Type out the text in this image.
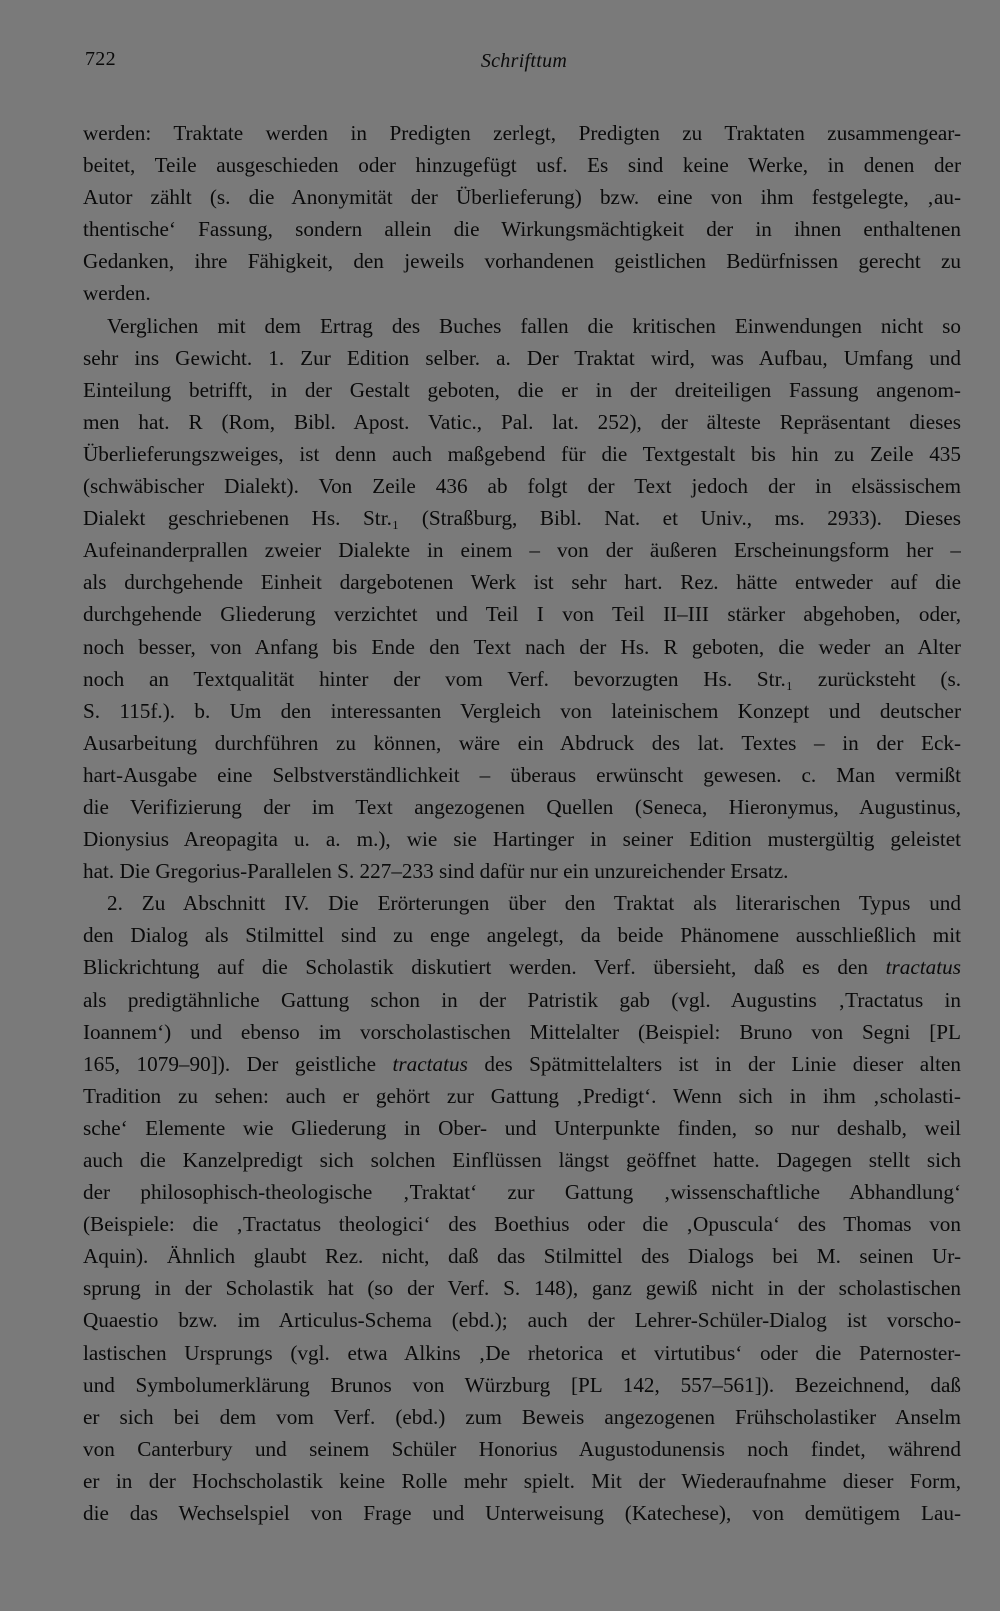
722	Schrifttum
werden: Traktate werden in Predigten zerlegt, Predigten zu Traktaten zusammengear-
beitet, Teile ausgeschieden oder hinzugefügt usf. Es sind keine Werke, in denen der
Autor zählt (s. die Anonymität der Überlieferung) bzw. eine von ihm festgelegte, ‚au-
thentische‘ Fassung, sondern allein die Wirkungsmächtigkeit der in ihnen enthaltenen
Gedanken, ihre Fähigkeit, den jeweils vorhandenen geistlichen Bedürfnissen gerecht zu
werden.
Verglichen mit dem Ertrag des Buches fallen die kritischen Einwendungen nicht so
sehr ins Gewicht. 1. Zur Edition selber. a. Der Traktat wird, was Aufbau, Umfang und
Einteilung betrifft, in der Gestalt geboten, die er in der dreiteiligen Fassung angenom-
men hat. R (Rom, Bibl. Apost. Vatic., Pal. lat. 252), der älteste Repräsentant dieses
Überlieferungszweiges, ist denn auch maßgebend für die Textgestalt bis hin zu Zeile 435
(schwäbischer Dialekt). Von Zeile 436 ab folgt der Text jedoch der in elsässischem
Dialekt geschriebenen Hs. Str.₁ (Straßburg, Bibl. Nat. et Univ., ms. 2933). Dieses
Aufeinanderprallen zweier Dialekte in einem – von der äußeren Erscheinungsform her –
als durchgehende Einheit dargebotenen Werk ist sehr hart. Rez. hätte entweder auf die
durchgehende Gliederung verzichtet und Teil I von Teil II–III stärker abgehoben, oder,
noch besser, von Anfang bis Ende den Text nach der Hs. R geboten, die weder an Alter
noch an Textqualität hinter der vom Verf. bevorzugten Hs. Str.₁ zurücksteht (s.
S. 115f.). b. Um den interessanten Vergleich von lateinischem Konzept und deutscher
Ausarbeitung durchführen zu können, wäre ein Abdruck des lat. Textes – in der Eck-
hart-Ausgabe eine Selbstverständlichkeit – überaus erwünscht gewesen. c. Man vermißt
die Verifizierung der im Text angezogenen Quellen (Seneca, Hieronymus, Augustinus,
Dionysius Areopagita u. a. m.), wie sie Hartinger in seiner Edition mustergültig geleistet
hat. Die Gregorius-Parallelen S. 227–233 sind dafür nur ein unzureichender Ersatz.
2. Zu Abschnitt IV. Die Erörterungen über den Traktat als literarischen Typus und
den Dialog als Stilmittel sind zu enge angelegt, da beide Phänomene ausschließlich mit
Blickrichtung auf die Scholastik diskutiert werden. Verf. übersieht, daß es den tractatus
als predigtähnliche Gattung schon in der Patristik gab (vgl. Augustins ‚Tractatus in
Ioannem‘) und ebenso im vorscholastischen Mittelalter (Beispiel: Bruno von Segni [PL
165, 1079–90]). Der geistliche tractatus des Spätmittelalters ist in der Linie dieser alten
Tradition zu sehen: auch er gehört zur Gattung ‚Predigt‘. Wenn sich in ihm ‚scholasti-
sche‘ Elemente wie Gliederung in Ober- und Unterpunkte finden, so nur deshalb, weil
auch die Kanzelpredigt sich solchen Einflüssen längst geöffnet hatte. Dagegen stellt sich
der philosophisch-theologische ‚Traktat‘ zur Gattung ‚wissenschaftliche Abhandlung‘
(Beispiele: die ‚Tractatus theologici‘ des Boethius oder die ‚Opuscula‘ des Thomas von
Aquin). Ähnlich glaubt Rez. nicht, daß das Stilmittel des Dialogs bei M. seinen Ur-
sprung in der Scholastik hat (so der Verf. S. 148), ganz gewiß nicht in der scholastischen
Quaestio bzw. im Articulus-Schema (ebd.); auch der Lehrer-Schüler-Dialog ist vorscho-
lastischen Ursprungs (vgl. etwa Alkins ‚De rhetorica et virtutibus‘ oder die Paternoster-
und Symbolumerklärung Brunos von Würzburg [PL 142, 557–561]). Bezeichnend, daß
er sich bei dem vom Verf. (ebd.) zum Beweis angezogenen Frühscholastiker Anselm
von Canterbury und seinem Schüler Honorius Augustodunensis noch findet, während
er in der Hochscholastik keine Rolle mehr spielt. Mit der Wiederaufnahme dieser Form,
die das Wechselspiel von Frage und Unterweisung (Katechese), von demütigem Lau-
